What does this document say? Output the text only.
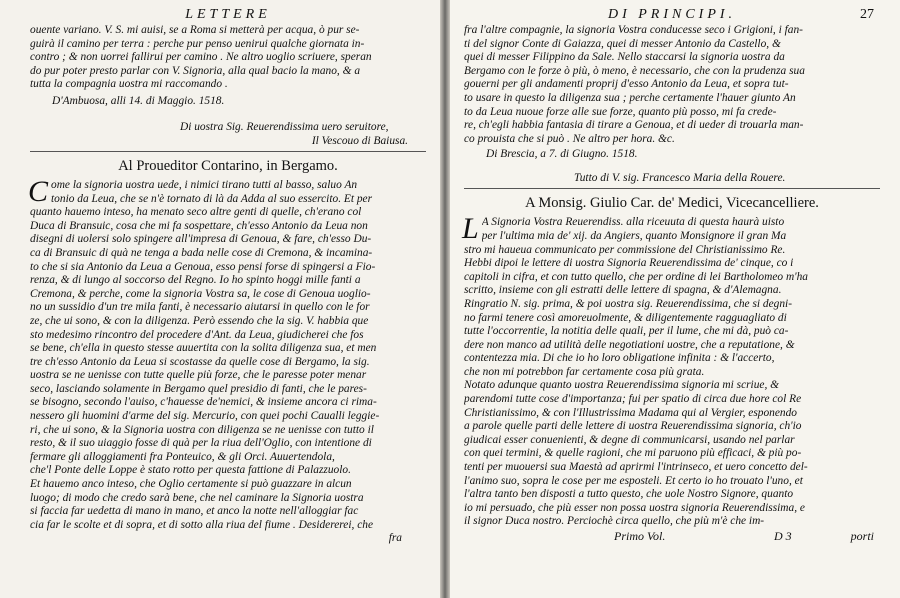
LETTERE
ouente variano. V. S. mi auisi, se a Roma si metterà per acqua, ò pur se-
guirà il camino per terra : perche pur penso uenirui qualche giornata in-
contro ; & non uorrei fallirui per camino . Ne altro uoglio scriuere, speran
do pur poter presto parlar con V. Signoria, alla qual bacio la mano, & a
tutta la compagnia uostra mi raccomando .
D'Ambuosa, alli 14. di Maggio. 1518.
Di uostra Sig. Reuerendissima uero seruitore,
Il Vescouo di Baiusa.
Al Proueditor Contarino, in Bergamo.
C ome la signoria uostra uede, i nimici tirano tutti al basso, saluo An
tonio da Leua, che se n'è tornato di là da Adda al suo essercito. Et per
quanto hauemo inteso, ha menato seco altre genti di quelle, ch'erano col
Duca di Bransuic, cosa che mi fa sospettare, ch'esso Antonio da Leua non
disegni di uolersi solo spingere all'impresa di Genoua, & fare, ch'esso Du-
ca di Bransuic di quà ne tenga a bada nelle cose di Cremona, & incamina-
to che si sia Antonio da Leua a Genoua, esso pensi forse di spingersi a Fio-
renza, & di lungo al soccorso del Regno. Io ho spinto hoggi mille fanti a
Cremona, & perche, come la signoria Vostra sa, le cose di Genoua uoglio-
no un sussidio d'un tre mila fanti, è necessario aiutarsi in quello con le for
ze, che ui sono, & con la diligenza. Però essendo che la sig. V. habbia que
sto medesimo rincontro del procedere d'Ant. da Leua, giudicherei che fos
se bene, ch'ella in questo stesse auuertita con la solita diligenza sua, et men
tre ch'esso Antonio da Leua si scostasse da quelle cose di Bergamo, la sig.
uostra se ne uenisse con tutte quelle più forze, che le paresse poter menar
seco, lasciando solamente in Bergamo quel presidio di fanti, che le pares-
se bisogno, secondo l'auiso, c'hauesse de'nemici, & insieme ancora ci rima-
nessero gli huomini d'arme del sig. Mercurio, con quei pochi Caualli leggie-
ri, che ui sono, & la Signoria uostra con diligenza se ne uenisse con tutto il
resto, & il suo uiaggio fosse di quà per la riua dell'Oglio, con intentione di
fermare gli alloggiamenti fra Ponteuico, & gli Orci. Auuertendola,
che'l Ponte delle Loppe è stato rotto per questa fattione di Palazzuolo.
Et hauemo anco inteso, che Oglio certamente si può guazzare in alcun
luogo; di modo che credo sarà bene, che nel caminare la Signoria uostra
si faccia far uedetta di mano in mano, et anco la notte nell'alloggiar fac
cia far le scolte et di sopra, et di sotto alla riua del fiume . Desidererei, che
fra
DI PRINCIPI.	27
fra l'altre compagnie, la signoria Vostra conducesse seco i Grigioni, i fan-
ti del signor Conte di Gaiazza, quei di messer Antonio da Castello, &
quei di messer Filippino da Sale. Nello staccarsi la signoria uostra da
Bergamo con le forze ò più, ò meno, è necessario, che con la prudenza sua
gouerni per gli andamenti proprij d'esso Antonio da Leua, et sopra tut-
to usare in questo la diligenza sua ; perche certamente l'hauer giunto An
to da Leua nuoue forze alle sue forze, quanto più posso, mi fa crede-
re, ch'egli habbia fantasia di tirare a Genoua, et di ueder di trouarla man-
co prouista che si può . Ne altro per hora. &c.
Di Brescia, a 7. di Giugno. 1518.
Tutto di V. sig. Francesco Maria della Rouere.
A Monsig. Giulio Car. de' Medici, Vicecancelliere.
L A Signoria Vostra Reuerendiss. alla riceuuta di questa haurà uisto
per l'ultima mia de' xij. da Angiers, quanto Monsignore il gran Ma
stro mi haueua communicato per commissione del Christianissimo Re.
Hebbi dipoi le lettere di uostra Signoria Reuerendissima de' cinque, co i
capitoli in cifra, et con tutto quello, che per ordine di lei Bartholomeo m'ha
scritto, insieme con gli estratti delle lettere di spagna, & d'Alemagna.
Ringratio N. sig. prima, & poi uostra sig. Reuerendissima, che si degni-
no farmi tenere così amoreuolmente, & diligentemente ragguagliato di
tutte l'occorrentie, la notitia delle quali, per il lume, che mi dà, può ca-
dere non manco ad utilità delle negotiationi uostre, che a reputatione, &
contentezza mia. Di che io ho loro obligatione infinita : & l'accerto,
che non mi potrebbon far certamente cosa più grata.
Notato adunque quanto uostra Reuerendissima signoria mi scriue, &
parendomi tutte cose d'importanza; fui per spatio di circa due hore col Re
Christianissimo, & con l'Illustrissima Madama qui al Vergier, esponendo
a parole quelle parti delle lettere di uostra Reuerendissima signoria, ch'io
giudicai esser conuenienti, & degne di communicarsi, usando nel parlar
con quei termini, & quelle ragioni, che mi paruono più efficaci, & più po-
tenti per muouersi sua Maestà ad aprirmi l'intrinseco, et uero concetto del-
l'animo suo, sopra le cose per me esposteli. Et certo io ho trouato l'uno, et
l'altra tanto ben disposti a tutto questo, che uole Nostro Signore, quanto
io mi persuado, che più esser non possa uostra signoria Reuerendissima, e
il signor Duca nostro. Perciochè circa quello, che più m'è che im-
Primo Vol.	D 3	porti
